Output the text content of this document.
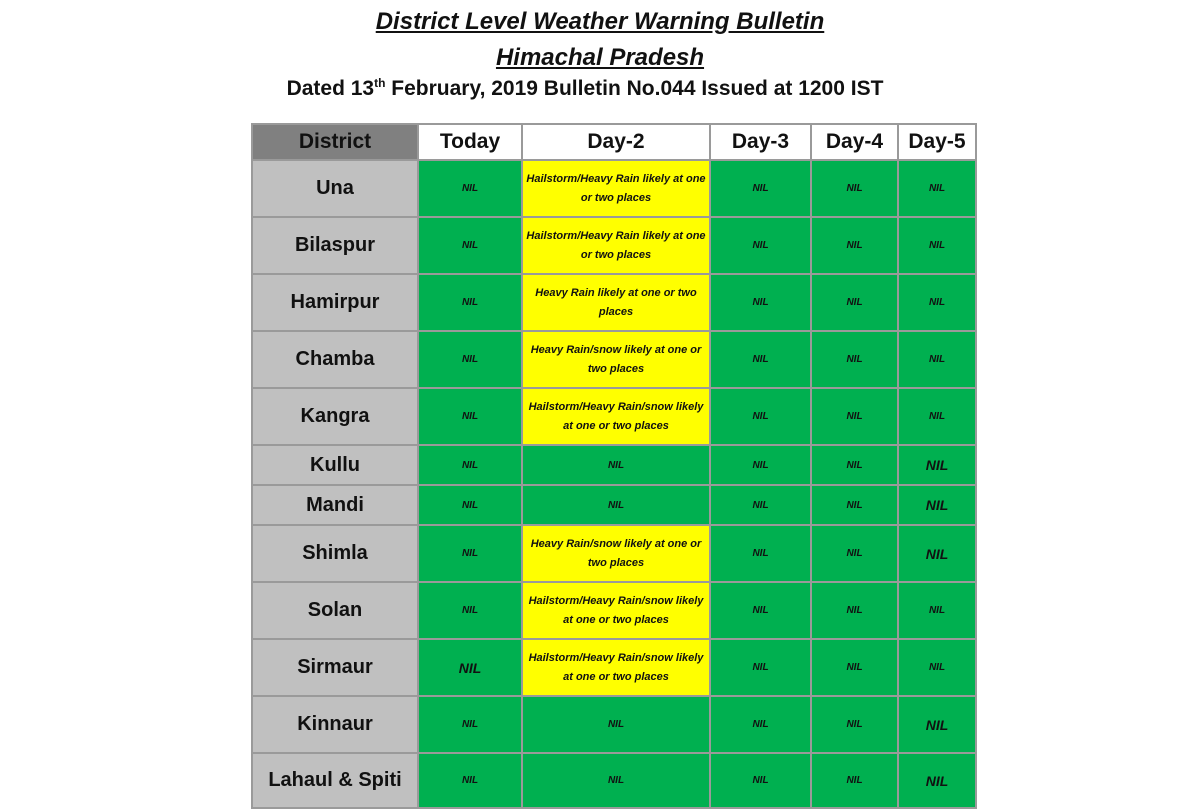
District Level Weather Warning Bulletin
Himachal Pradesh
Dated 13th February, 2019 Bulletin No.044 Issued at 1200 IST
District	Today	Day-2	Day-3	Day-4	Day-5
Una	NIL	Hailstorm/Heavy Rain likely at one or two places	NIL	NIL	NIL
Bilaspur	NIL	Hailstorm/Heavy Rain likely at one or two places	NIL	NIL	NIL
Hamirpur	NIL	Heavy Rain likely at one or two places	NIL	NIL	NIL
Chamba	NIL	Heavy Rain/snow likely at one or two places	NIL	NIL	NIL
Kangra	NIL	Hailstorm/Heavy Rain/snow likely at one or two places	NIL	NIL	NIL
Kullu	NIL	NIL	NIL	NIL	NIL
Mandi	NIL	NIL	NIL	NIL	NIL
Shimla	NIL	Heavy Rain/snow likely at one or two places	NIL	NIL	NIL
Solan	NIL	Hailstorm/Heavy Rain/snow likely at one or two places	NIL	NIL	NIL
Sirmaur	NIL	Hailstorm/Heavy Rain/snow likely at one or two places	NIL	NIL	NIL
Kinnaur	NIL	NIL	NIL	NIL	NIL
Lahaul & Spiti	NIL	NIL	NIL	NIL	NIL
